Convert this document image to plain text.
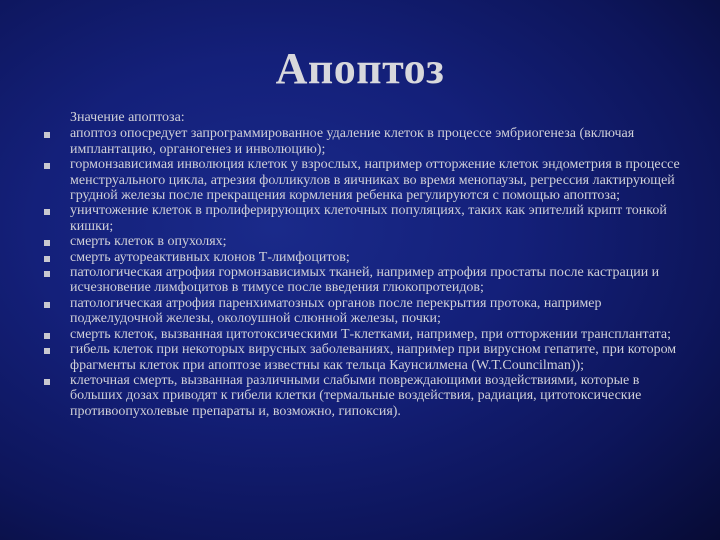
Апоптоз
Значение апоптоза:
апоптоз опосредует запрограммированное удаление клеток в процессе эмбриогенеза (включая имплантацию, органогенез и инволюцию);
гормонзависимая инволюция клеток у взрослых, например отторжение клеток эндометрия в процессе менструального цикла, атрезия фолликулов в яичниках во время менопаузы, регрессия лактирующей грудной железы после прекращения кормления ребенка регулируются с помощью апоптоза;
уничтожение клеток в пролиферирующих клеточных популяциях, таких как эпителий крипт тонкой кишки;
смерть клеток в опухолях;
смерть аутореактивных клонов Т-лимфоцитов;
патологическая атрофия гормонзависимых тканей, например атрофия простаты после кастрации и исчезновение лимфоцитов в тимусе после введения глюкопротеидов;
патологическая атрофия паренхиматозных органов после перекрытия протока, например поджелудочной железы, околоушной слюнной железы, почки;
смерть клеток, вызванная цитотоксическими Т-клетками, например, при отторжении трансплантата;
гибель клеток при некоторых вирусных заболеваниях, например при вирусном гепатите, при котором фрагменты клеток при апоптозе известны как тельца Каунсилмена (W.T.Councilman));
клеточная смерть, вызванная различными слабыми повреждающими воздействиями, которые в больших дозах приводят к гибели клетки (термальные воздействия, радиация, цитотоксические противоопухолевые препараты и, возможно, гипоксия).
